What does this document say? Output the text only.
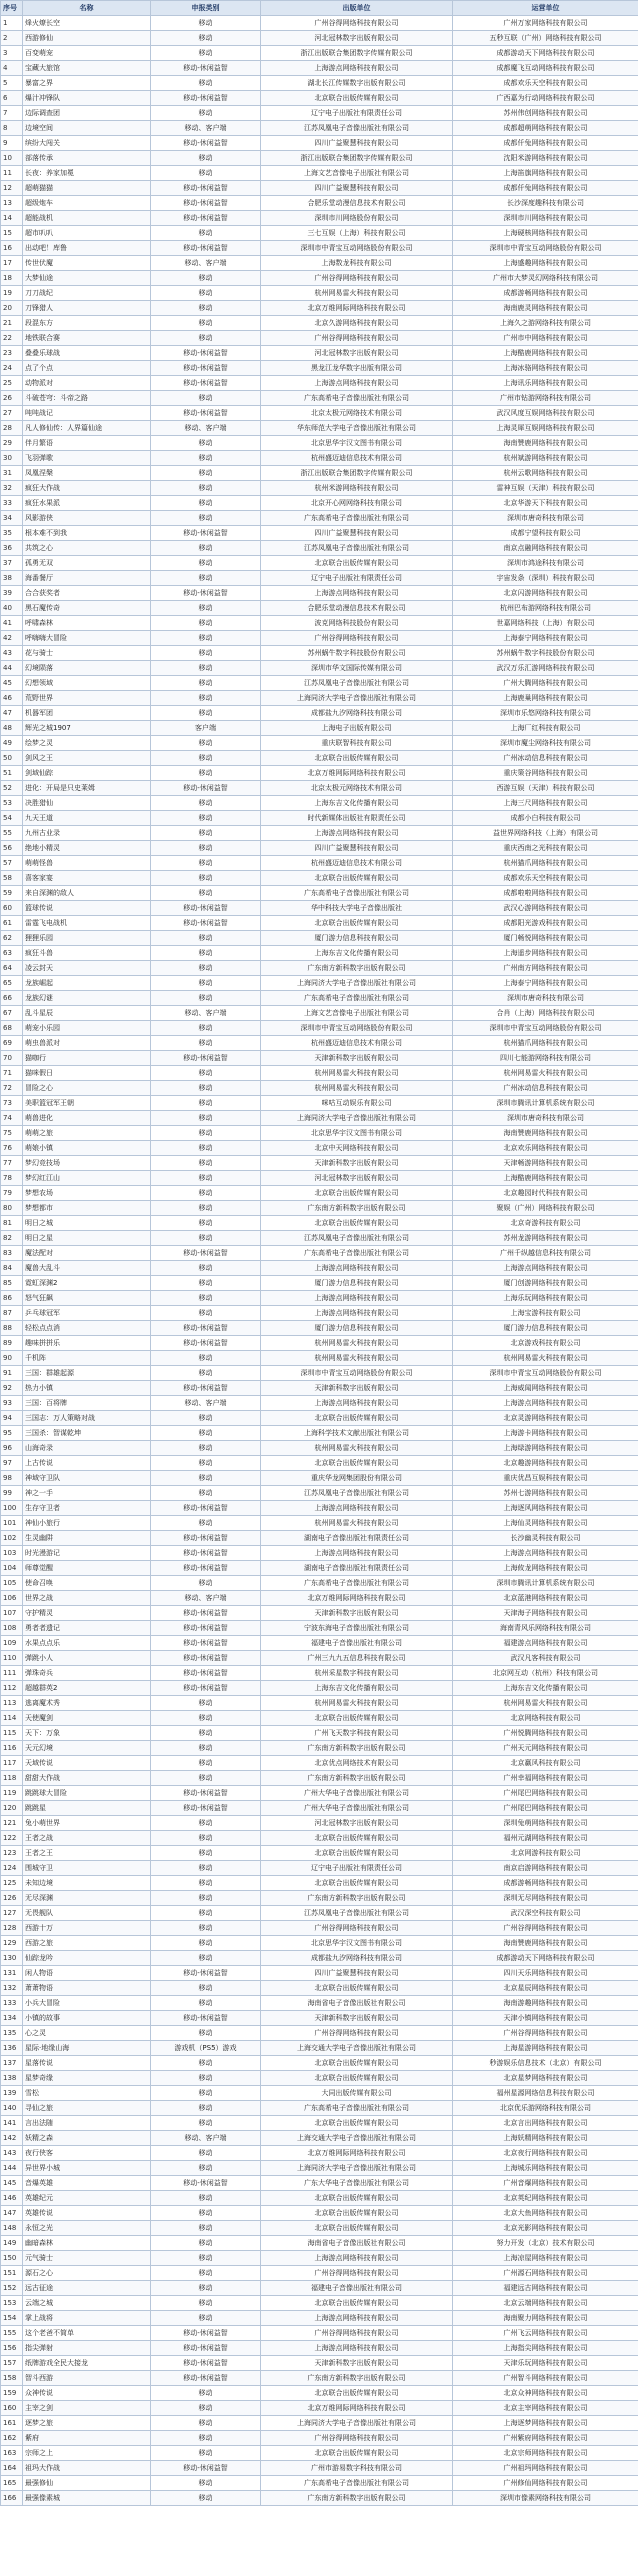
序号	名称	申报类别	出版单位	运营单位
1	烽火燎长空	移动	广州谷得网络科技有限公司	广州万家网络科技有限公司
2	西游修仙	移动	河北冠林数字出版有限公司	五秒互联（广州）网络科技有限公司
3	百变萌宠	移动	浙江出版联合集团数字传媒有限公司	成都游动天下网络科技有限公司
4	宝藏大旅馆	移动-休闲益智	上海游点网络科技有限公司	成都魔飞互动网络科技有限公司
5	暴富之界	移动	湖北长江传媒数字出版有限公司	成都欢乐天空科技有限公司
6	爆汁冲锋队	移动-休闲益智	北京联合出版传媒有限公司	广西嘉为行动网络科技有限公司
7	边际调查团	移动	辽宁电子出版社有限责任公司	苏州伟创网络科技有限公司
8	边境空间	移动、客户端	江苏凤凰电子音像出版社有限公司	成都超萌网络科技有限公司
9	缤纷大闯关	移动-休闲益智	四川广益聚慧科技有限公司	成都仟兔网络科技有限公司
10	部落传承	移动	浙江出版联合集团数字传媒有限公司	沈阳米游网络科技有限公司
11	长夜：养家加冕	移动	上海文艺音像电子出版社有限公司	上海笛旗网络科技有限公司
12	超萌猫猫	移动-休闲益智	四川广益聚慧科技有限公司	成都仟兔网络科技有限公司
13	超级炮车	移动-休闲益智	合肥乐堂动漫信息技术有限公司	长沙深度趣科技有限公司
14	超能战机	移动-休闲益智	深圳市川网络股份有限公司	深圳市川网络科技有限公司
15	超市叭叭	移动	三七互娱（上海）科技有限公司	上海硬核网络科技有限公司
16	出动吧！库鲁	移动-休闲益智	深圳市中青宝互动网络股份有限公司	深圳市中青宝互动网络股份有限公司
17	传世伏魔	移动、客户端	上海数龙科技有限公司	上海盛趣网络科技有限公司
18	大梦仙途	移动	广州谷得网络科技有限公司	广州市大梦灵幻网络科技有限公司
19	刀刀战纪	移动	杭州网易雷火科技有限公司	成都游畅网络科技有限公司
20	刀锋猎人	移动	北京万维网际网络科技有限公司	海南鹿灵网络科技有限公司
21	段混东方	移动	北京久游网络科技有限公司	上海久之游网络科技有限公司
22	地铁联合赛	移动	广州谷得网络科技有限公司	广州市中网络科技有限公司
23	叠叠乐球战	移动-休闲益智	河北冠林数字出版有限公司	上海酷鹿网络科技有限公司
24	点了个点	移动-休闲益智	黑龙江龙华数字出版有限公司	上海冰骆网络科技有限公司
25	动物派对	移动-休闲益智	上海游点网络科技有限公司	上海讯乐网络科技有限公司
26	斗破苍穹：斗帝之路	移动	广东高希电子音像出版社有限公司	广州市钻游网络科技有限公司
27	吨吨战记	移动-休闲益智	北京太极元网络技术有限公司	武汉风度互娱网络科技有限公司
28	凡人修仙传：人界篇仙途	移动、客户端	华东师范大学电子音像出版社有限公司	上海灵犀互娱网络科技有限公司
29	伴月繁语	移动	北京思华宇汉文图书有限公司	海南赞鹿网络科技有限公司
30	飞羽弹歌	移动	杭州盛迈迪信息技术有限公司	杭州斌游网络科技有限公司
31	凤凰涅槃	移动	浙江出版联合集团数字传媒有限公司	杭州云歌网络科技有限公司
32	疯狂大作战	移动	杭州米游网络科技有限公司	雷神互娱（天津）科技有限公司
33	疯狂水果派	移动	北京开心网网络科技有限公司	北京华游天下科技有限公司
34	风影游侠	移动	广东高希电子音像出版社有限公司	深圳市唐奇科技有限公司
35	根本难不到我	移动-休闲益智	四川广益聚慧科技有限公司	成都宁望科技有限公司
36	共筑之心	移动	江苏凤凰电子音像出版社有限公司	南京点融网络科技有限公司
37	孤勇无双	移动	北京联合出版传媒有限公司	深圳市鸿途科技有限公司
38	海番餐厅	移动	辽宁电子出版社有限责任公司	宇宙发条（深圳）科技有限公司
39	合合获奖者	移动-休闲益智	上海游点网络科技有限公司	北京闪游网络科技有限公司
40	黑石魔传奇	移动	合肥乐堂动漫信息技术有限公司	杭州巴布游网络科技有限公司
41	呼啸森林	移动	波克网络科技股份有限公司	世嘉网络科技（上海）有限公司
42	呼嗨嗨大冒险	移动	广州谷得网络科技有限公司	上海泰宁网络科技有限公司
43	花与骑士	移动	苏州蜗牛数字科技股份有限公司	苏州蜗牛数字科技股份有限公司
44	幻境陨落	移动	深圳市华文国际传媒有限公司	武汉万乐汇游网络科技有限公司
45	幻想领域	移动	江苏凤凰电子音像出版社有限公司	广州大腾网络科技有限公司
46	荒野世界	移动	上海同济大学电子音像出版社有限公司	上海鹿巢网络科技有限公司
47	机器军团	移动	成都盐九汐网络科技有限公司	深圳市乐悠网络科技有限公司
48	辉光之城1907	客户端	上海电子出版有限公司	上海厂红科技有限公司
49	绘梦之灵	移动	重庆联智科技有限公司	深圳市魔尘网络科技有限公司
50	剑风之王	移动	北京联合出版传媒有限公司	广州冰动信息科技有限公司
51	剑域仙踪	移动	北京万维网际网络科技有限公司	重庆策谷网络科技有限公司
52	进化：开局是只史莱姆	移动-休闲益智	北京太极元网络技术有限公司	西游互娱（天津）科技有限公司
53	决胜猎仙	移动	上海东吉文化传播有限公司	上海三尺网络科技有限公司
54	九天王道	移动	时代新媒体出版社有限责任公司	成都小白科技有限公司
55	九州古业录	移动	上海游点网络科技有限公司	益世界网络科技（上海）有限公司
56	绝地小精灵	移动	四川广益聚慧科技有限公司	重庆西南之光科技有限公司
57	萌萌怪兽	移动	杭州盛迈迪信息技术有限公司	杭州猫爪网络科技有限公司
58	喜客家宴	移动	北京联合出版传媒有限公司	成都欢乐天空科技有限公司
59	来自深渊的敌人	移动	广东高希电子音像出版社有限公司	成都啦啦网络科技有限公司
60	篮球传说	移动-休闲益智	华中科技大学电子音像出版社	武汉心游网络科技有限公司
61	雷霆飞电战机	移动-休闲益智	北京联合出版传媒有限公司	成都阳光游戏科技有限公司
62	狸狸乐园	移动	厦门游力信息科技有限公司	厦门畅悦网络科技有限公司
63	疯狂斗兽	移动	上海东吉文化传播有限公司	上海遥步网络科技有限公司
64	凌云封天	移动	广东南方新科数字出版有限公司	广州南方网络科技有限公司
65	龙族崛起	移动	上海同济大学电子音像出版社有限公司	上海泰宁网络科技有限公司
66	龙族幻谜	移动	广东高希电子音像出版社有限公司	深圳市唐奇科技有限公司
67	乱斗星辰	移动、客户端	上海文艺音像电子出版社有限公司	合肖（上海）网络科技有限公司
68	萌宠小乐园	移动	深圳市中青宝互动网络股份有限公司	深圳市中青宝互动网络股份有限公司
69	萌虫兽派对	移动	杭州盛迈迪信息技术有限公司	杭州猫爪网络科技有限公司
70	猫咖行	移动-休闲益智	天津新科数字出版有限公司	四川七能游网络科技有限公司
71	猫咪假日	移动	杭州网易雷火科技有限公司	杭州网易雷火科技有限公司
72	冒险之心	移动	杭州网易雷火科技有限公司	广州冰动信息科技有限公司
73	美职篮冠军王朝	移动	咪咕互动娱乐有限公司	深圳市腾讯计算机系统有限公司
74	萌兽进化	移动	上海同济大学电子音像出版社有限公司	深圳市唐奇科技有限公司
75	萌萌之旅	移动	北京思华宇汉文图书有限公司	海南赞鹿网络科技有限公司
76	萌娘小镇	移动	北京中天网络科技有限公司	北京欢乐网络科技有限公司
77	梦幻竞技场	移动	天津新科数字出版有限公司	天津畅游网络科技有限公司
78	梦幻红江山	移动	河北冠林数字出版有限公司	上海酷鹿网络科技有限公司
79	梦想农场	移动	北京联合出版传媒有限公司	北京趣园时代科技有限公司
80	梦想都市	移动	广东南方新科数字出版有限公司	聚娱（广州）网络科技有限公司
81	明日之城	移动	北京联合出版传媒有限公司	北京奇游科技有限公司
82	明日之星	移动	江苏凤凰电子音像出版社有限公司	苏州龙游网络科技有限公司
83	魔法配对	移动-休闲益智	广东高希电子音像出版社有限公司	广州千纵越信息科技有限公司
84	魔兽大乱斗	移动	上海游点网络科技有限公司	上海游点网络科技有限公司
85	霓虹深渊2	移动	厦门游力信息科技有限公司	厦门创游网络科技有限公司
86	怒气狂飙	移动	上海游点网络科技有限公司	上海乐玩网络科技有限公司
87	乒乓球冠军	移动	上海游点网络科技有限公司	上海宝游科技有限公司
88	轻松点点消	移动-休闲益智	厦门游力信息科技有限公司	厦门游力信息科技有限公司
89	趣味拼拼乐	移动-休闲益智	杭州网易雷火科技有限公司	北京游戏科技有限公司
90	千机阵	移动	杭州网易雷火科技有限公司	杭州网易雷火科技有限公司
91	三国：群雄起源	移动	深圳市中青宝互动网络股份有限公司	深圳市中青宝互动网络股份有限公司
92	热力小镇	移动-休闲益智	天津新科数字出版有限公司	上海威闻网络科技有限公司
93	三国：百将牌	移动、客户端	上海游点网络科技有限公司	上海游点网络科技有限公司
94	三国志：万人策略对战	移动	北京联合出版传媒有限公司	北京灵游网络科技有限公司
95	三国杀：智谋乾坤	移动	上海科学技术文献出版社有限公司	上海游卡网络科技有限公司
96	山海奇录	移动	杭州网易雷火科技有限公司	上海绿游网络科技有限公司
97	上古传说	移动	北京联合出版传媒有限公司	北京趣游网络科技有限公司
98	神域守卫队	移动	重庆华龙网集团股份有限公司	重庆优昌互娱科技有限公司
99	神之一手	移动	江苏凤凰电子音像出版社有限公司	苏州七游网络科技有限公司
100	生存守卫者	移动-休闲益智	上海游点网络科技有限公司	上海逐风网络科技有限公司
101	神仙小旅行	移动	杭州网易雷火科技有限公司	上海仙灵网络科技有限公司
102	生灵幽阱	移动-休闲益智	湖南电子音像出版社有限责任公司	长沙幽灵科技有限公司
103	时光漫游记	移动-休闲益智	上海游点网络科技有限公司	上海游点网络科技有限公司
104	师尊觉醒	移动-休闲益智	湖南电子音像出版社有限责任公司	上海攸龙网络科技有限公司
105	使命召唤	移动	广东高希电子音像出版社有限公司	深圳市腾讯计算机系统有限公司
106	世界之战	移动、客户端	北京万维网际网络科技有限公司	北京蓝港网络科技有限公司
107	守护精灵	移动-休闲益智	天津新科数字出版有限公司	天津海子网络科技有限公司
108	勇者者遗记	移动-休闲益智	宁波东海电子音像出版社有限公司	海南青风乐网络科技有限公司
109	水果点点乐	移动-休闲益智	福建电子音像出版社有限公司	福建游点网络科技有限公司
110	弹跳小人	移动-休闲益智	广州三九九五信息科技有限公司	武汉凡客科技有限公司
111	弹珠奇兵	移动-休闲益智	杭州采星数字科技有限公司	北京网互动（杭州）科技有限公司
112	超越群英2	移动-休闲益智	上海东吉文化传播有限公司	上海东吉文化传播有限公司
113	逃离魔术秀	移动	杭州网易雷火科技有限公司	杭州网易雷火科技有限公司
114	天使魔剑	移动	北京联合出版传媒有限公司	北京网络科技有限公司
115	天下：万象	移动	广州飞天数字科技有限公司	广州悦腾网络科技有限公司
116	天元幻境	移动	广东南方新科数字出版有限公司	广州天元网络科技有限公司
117	天域传说	移动	北京优点网络技术有限公司	北京赢风科技有限公司
118	甜甜大作战	移动	广东南方新科数字出版有限公司	广州幸福网络科技有限公司
119	跳跳球大冒险	移动-休闲益智	广州大华电子音像出版社有限公司	广州尾巴网络科技有限公司
120	跳跳星	移动-休闲益智	广州大华电子音像出版社有限公司	广州尾巴网络科技有限公司
121	兔小萌世界	移动	河北冠林数字出版有限公司	深圳兔萌网络科技有限公司
122	王者之战	移动	北京联合出版传媒有限公司	福州元湖网络科技有限公司
123	王者之王	移动	北京联合出版传媒有限公司	北京网游科技有限公司
124	围城守卫	移动	辽宁电子出版社有限责任公司	南京启游网络科技有限公司
125	未知边境	移动	北京联合出版传媒有限公司	成都游畅网络科技有限公司
126	无尽深渊	移动	广东南方新科数字出版有限公司	深圳无尽网络科技有限公司
127	无畏舰队	移动	江苏凤凰电子音像出版社有限公司	武汉深空科技有限公司
128	西游十万	移动	广州谷得网络科技有限公司	广州谷得网络科技有限公司
129	西游之旅	移动	北京思华宇汉文图书有限公司	海南赞鹿网络科技有限公司
130	仙踪龙吟	移动	成都盐九汐网络科技有限公司	成都游动天下网络科技有限公司
131	闲人物语	移动-休闲益智	四川广益聚慧科技有限公司	四川天乐网络科技有限公司
132	萧萧物语	移动	北京联合出版传媒有限公司	北京星辰网络科技有限公司
133	小兵大冒险	移动	海南省电子音像出版社有限公司	海南游趣网络科技有限公司
134	小镇的故事	移动-休闲益智	天津新科数字出版有限公司	天津小镇网络科技有限公司
135	心之灵	移动	广州谷得网络科技有限公司	广州谷得网络科技有限公司
136	星际·地缘山海	游戏机（PS5）游戏	上海交通大学电子音像出版社有限公司	上海星游网络科技有限公司
137	星落传说	移动	北京联合出版传媒有限公司	秒游娱乐信息技术（北京）有限公司
138	星梦奇缘	移动	北京联合出版传媒有限公司	北京星梦网络科技有限公司
139	雪松	移动	大同出版传媒有限公司	福州星源网络信息科技有限公司
140	寻仙之旅	移动	广东高希电子音像出版社有限公司	北京优乐游网络科技有限公司
141	言出法随	移动	北京联合出版传媒有限公司	北京言出网络科技有限公司
142	妖精之森	移动、客户端	上海交通大学电子音像出版社有限公司	上海妖精网络科技有限公司
143	夜行侠客	移动	北京万维网际网络科技有限公司	北京夜行网络科技有限公司
144	异世界小城	移动	上海同济大学电子音像出版社有限公司	上海城乐网络科技有限公司
145	音爆英雄	移动-休闲益智	广东大华电子音像出版社有限公司	广州音爆网络科技有限公司
146	英雄纪元	移动	北京联合出版传媒有限公司	北京英纪网络科技有限公司
147	英雄传说	移动	北京联合出版传媒有限公司	北京大鱼网络科技有限公司
148	永恒之光	移动	北京联合出版传媒有限公司	北京光影网络科技有限公司
149	幽暗森林	移动	海南省电子音像出版社有限公司	努力开发（北京）技术有限公司
150	元气骑士	移动	上海游点网络科技有限公司	上海凉屋网络科技有限公司
151	源石之心	移动	广州谷得网络科技有限公司	广州源石网络科技有限公司
152	远古征途	移动	福建电子音像出版社有限公司	福建远古网络科技有限公司
153	云端之城	移动	北京联合出版传媒有限公司	北京云端网络科技有限公司
154	掌上战将	移动	上海游点网络科技有限公司	海南聚力网络科技有限公司
155	这个老爸不简单	移动-休闲益智	广州谷得网络科技有限公司	广州飞云网络科技有限公司
156	指尖弹射	移动-休闲益智	上海游点网络科技有限公司	上海指尖网络科技有限公司
157	纸牌游戏全民大接龙	移动-休闲益智	天津新科数字出版有限公司	天津乐玩网络科技有限公司
158	智斗西游	移动-休闲益智	广东南方新科数字出版有限公司	广州智斗网络科技有限公司
159	众神传说	移动	北京联合出版传媒有限公司	北京众神网络科技有限公司
160	主宰之剑	移动	北京万维网际网络科技有限公司	北京主宰网络科技有限公司
161	逐梦之旅	移动	上海同济大学电子音像出版社有限公司	上海逐梦网络科技有限公司
162	紫府	移动	广州谷得网络科技有限公司	广州紫府网络科技有限公司
163	宗师之上	移动	北京联合出版传媒有限公司	北京宗师网络科技有限公司
164	祖玛大作战	移动-休闲益智	广州市游易数字科技有限公司	广州祖玛网络科技有限公司
165	最强修仙	移动	广东高希电子音像出版社有限公司	广州修仙网络科技有限公司
166	最强像素城	移动	广东南方新科数字出版有限公司	深圳市像素网络科技有限公司
